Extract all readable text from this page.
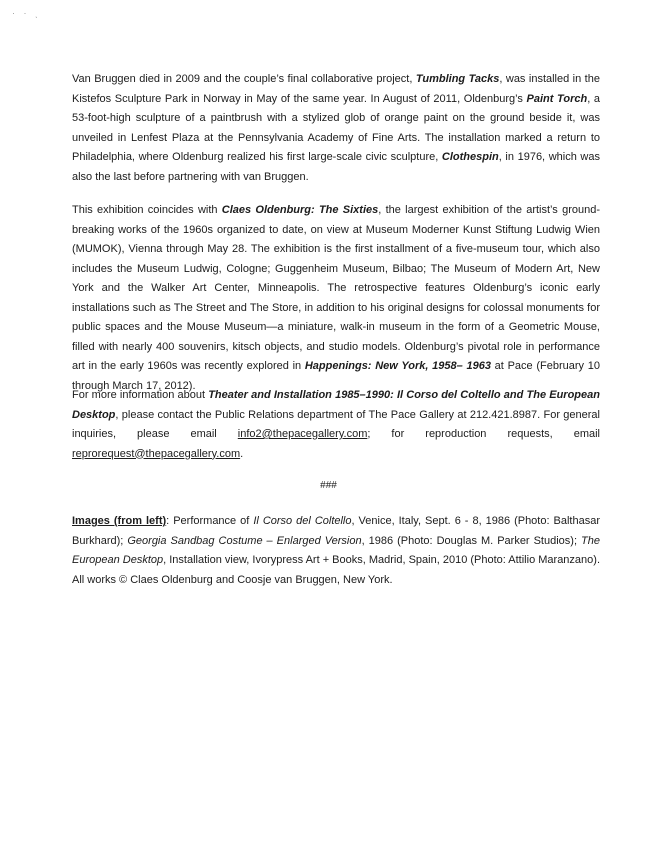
· · ˎ

Van Bruggen died in 2009 and the couple’s final collaborative project, Tumbling Tacks, was installed in the Kistefos Sculpture Park in Norway in May of the same year. In August of 2011, Oldenburg’s Paint Torch, a 53-foot-high sculpture of a paintbrush with a stylized glob of orange paint on the ground beside it, was unveiled in Lenfest Plaza at the Pennsylvania Academy of Fine Arts. The installation marked a return to Philadelphia, where Oldenburg realized his first large-scale civic sculpture, Clothespin, in 1976, which was also the last before partnering with van Bruggen.

This exhibition coincides with Claes Oldenburg: The Sixties, the largest exhibition of the artist’s ground-breaking works of the 1960s organized to date, on view at Museum Moderner Kunst Stiftung Ludwig Wien (MUMOK), Vienna through May 28. The exhibition is the first installment of a five-museum tour, which also includes the Museum Ludwig, Cologne; Guggenheim Museum, Bilbao; The Museum of Modern Art, New York and the Walker Art Center, Minneapolis. The retrospective features Oldenburg’s iconic early installations such as The Street and The Store, in addition to his original designs for colossal monuments for public spaces and the Mouse Museum—a miniature, walk-in museum in the form of a Geometric Mouse, filled with nearly 400 souvenirs, kitsch objects, and studio models. Oldenburg’s pivotal role in performance art in the early 1960s was recently explored in Happenings: New York, 1958– 1963 at Pace (February 10 through March 17, 2012).

For more information about Theater and Installation 1985–1990: Il Corso del Coltello and The European Desktop, please contact the Public Relations department of The Pace Gallery at 212.421.8987. For general inquiries, please email info2@thepacegallery.com; for reproduction requests, email reprorequest@thepacegallery.com.

###

Images (from left): Performance of Il Corso del Coltello, Venice, Italy, Sept. 6 - 8, 1986 (Photo: Balthasar Burkhard); Georgia Sandbag Costume – Enlarged Version, 1986 (Photo: Douglas M. Parker Studios); The European Desktop, Installation view, Ivorypress Art + Books, Madrid, Spain, 2010 (Photo: Attilio Maranzano). All works © Claes Oldenburg and Coosje van Bruggen, New York.
